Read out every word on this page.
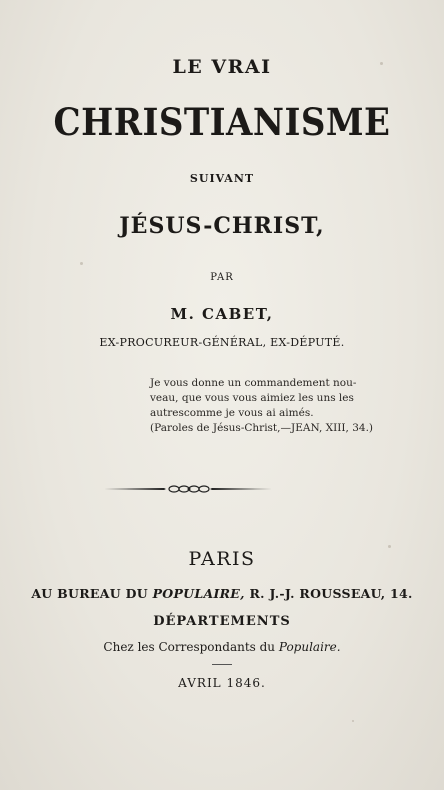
LE VRAI
CHRISTIANISME
SUIVANT
JÉSUS-CHRIST,
PAR
M. CABET,
EX-PROCUREUR-GÉNÉRAL, EX-DÉPUTÉ.
Je vous donne un commandement nou-
veau, que vous vous aimiez les uns les
autrescomme je vous ai aimés.
(Paroles de Jésus-Christ,—JEAN, XIII, 34.)
PARIS
AU BUREAU DU POPULAIRE, R. J.-J. ROUSSEAU, 14.
DÉPARTEMENTS
Chez les Correspondants du Populaire.
AVRIL 1846.
